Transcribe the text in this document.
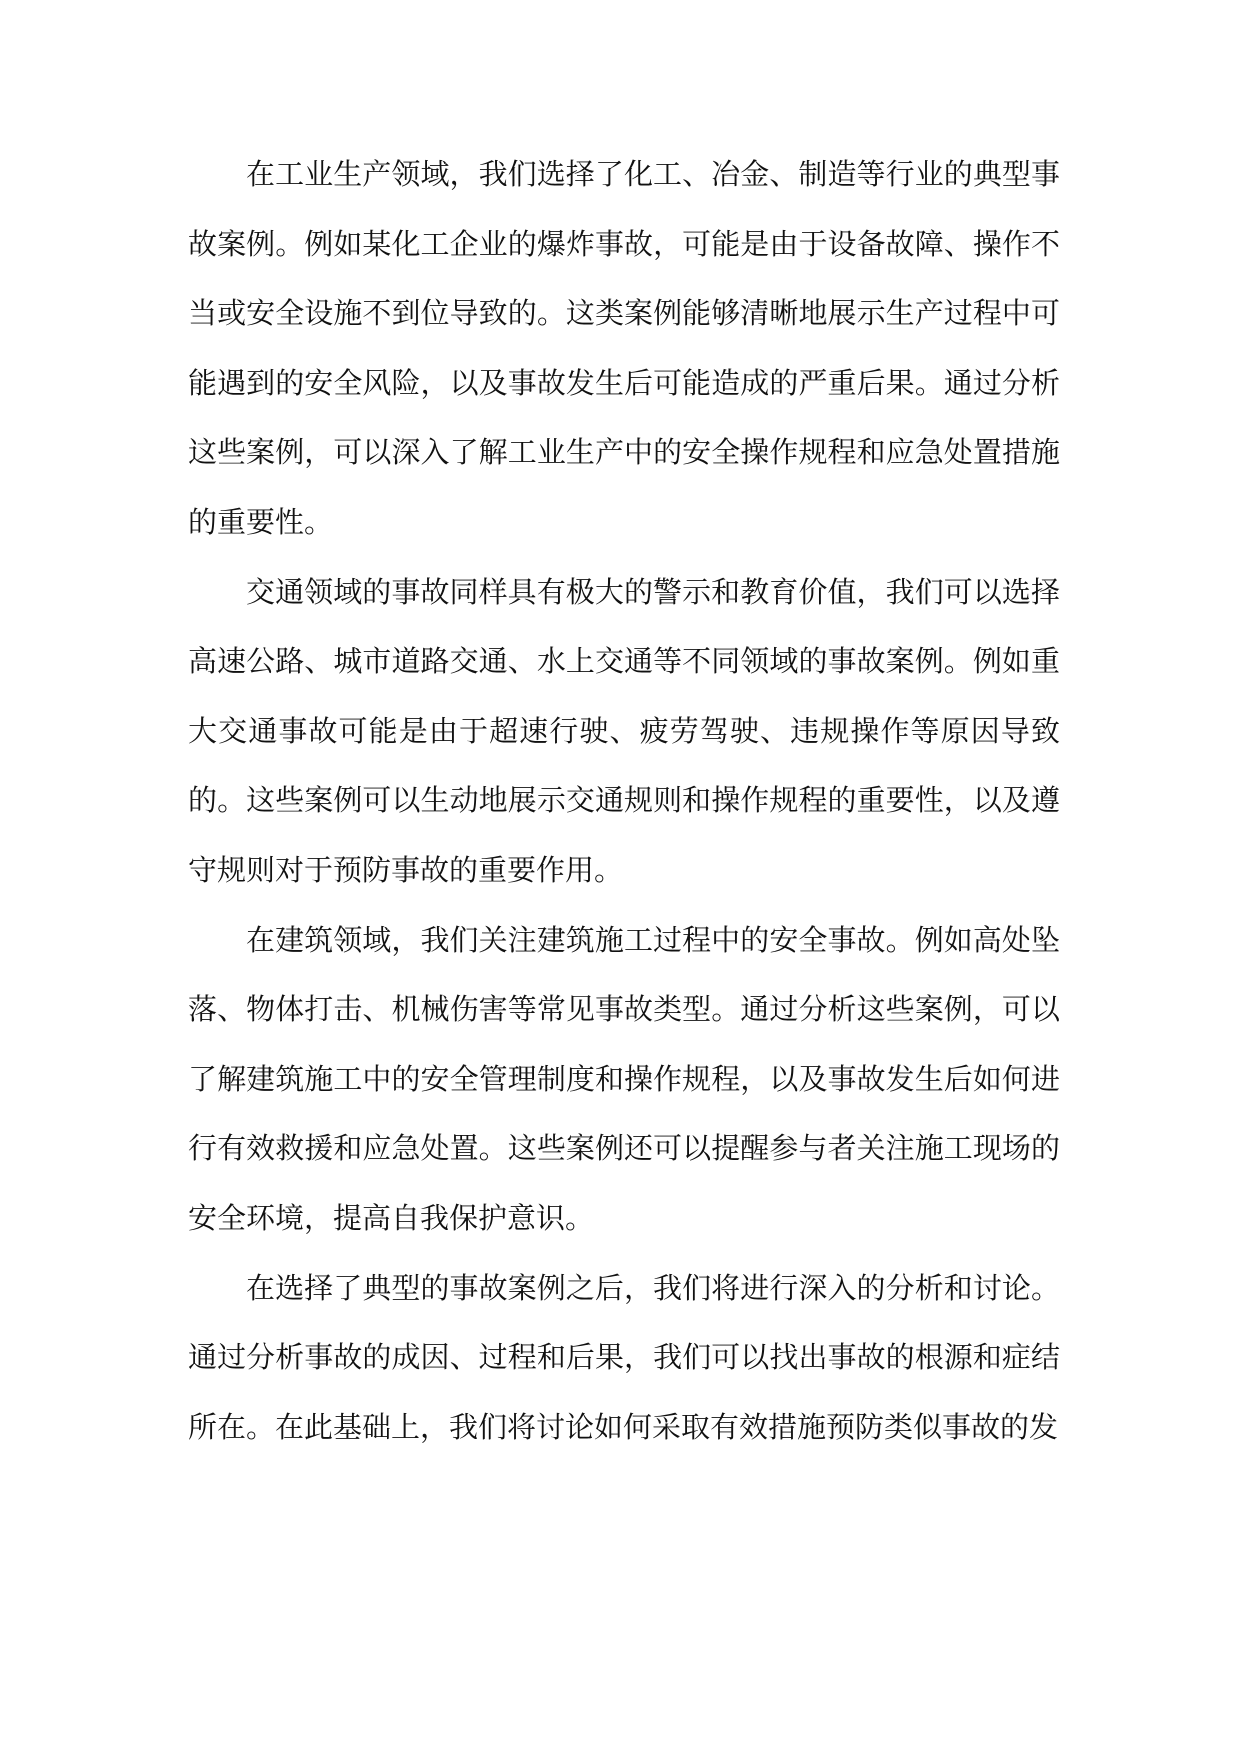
在工业生产领域，我们选择了化工、冶金、制造等行业的典型事故案例。例如某化工企业的爆炸事故，可能是由于设备故障、操作不当或安全设施不到位导致的。这类案例能够清晰地展示生产过程中可能遇到的安全风险，以及事故发生后可能造成的严重后果。通过分析这些案例，可以深入了解工业生产中的安全操作规程和应急处置措施的重要性。

交通领域的事故同样具有极大的警示和教育价值，我们可以选择高速公路、城市道路交通、水上交通等不同领域的事故案例。例如重大交通事故可能是由于超速行驶、疲劳驾驶、违规操作等原因导致的。这些案例可以生动地展示交通规则和操作规程的重要性，以及遵守规则对于预防事故的重要作用。

在建筑领域，我们关注建筑施工过程中的安全事故。例如高处坠落、物体打击、机械伤害等常见事故类型。通过分析这些案例，可以了解建筑施工中的安全管理制度和操作规程，以及事故发生后如何进行有效救援和应急处置。这些案例还可以提醒参与者关注施工现场的安全环境，提高自我保护意识。

在选择了典型的事故案例之后，我们将进行深入的分析和讨论。通过分析事故的成因、过程和后果，我们可以找出事故的根源和症结所在。在此基础上，我们将讨论如何采取有效措施预防类似事故的发
